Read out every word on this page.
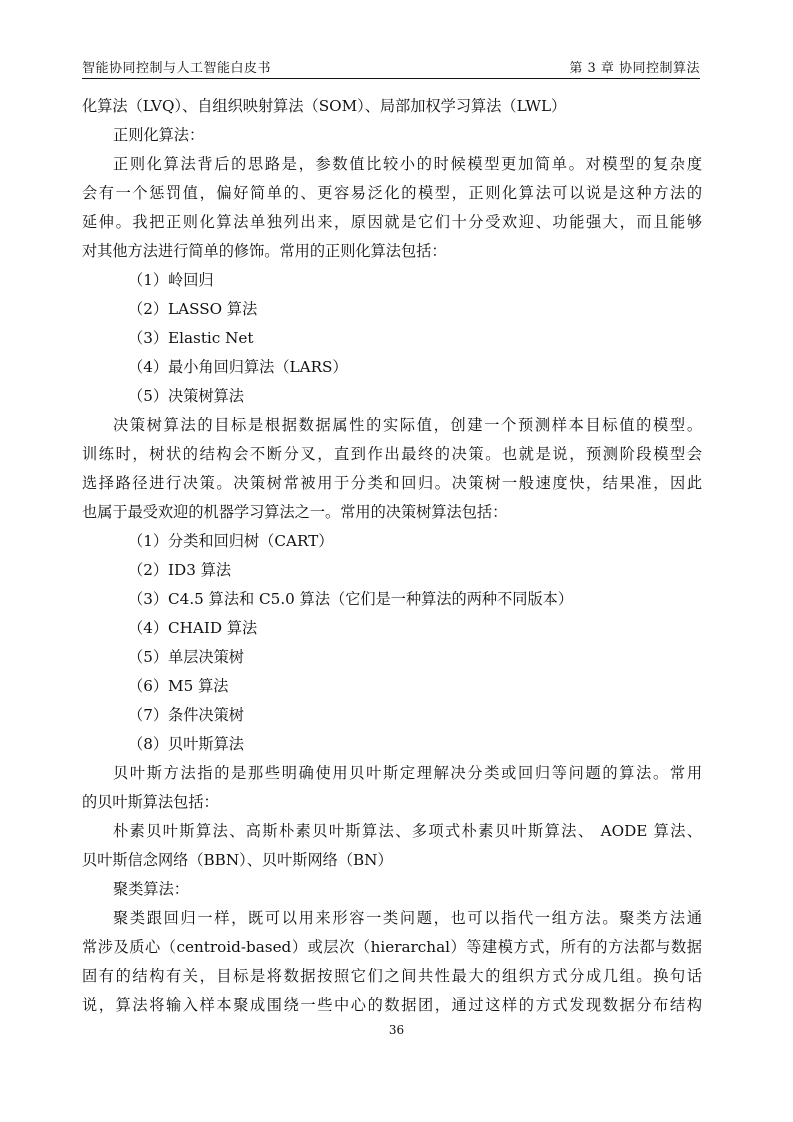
智能协同控制与人工智能白皮书	第 3 章 协同控制算法
化算法（LVQ）、自组织映射算法（SOM）、局部加权学习算法（LWL）
正则化算法：
正则化算法背后的思路是，参数值比较小的时候模型更加简单。对模型的复杂度
会有一个惩罚值，偏好简单的、更容易泛化的模型，正则化算法可以说是这种方法的
延伸。我把正则化算法单独列出来，原因就是它们十分受欢迎、功能强大，而且能够
对其他方法进行简单的修饰。常用的正则化算法包括：
（1）岭回归
（2）LASSO 算法
（3）Elastic Net
（4）最小角回归算法（LARS）
（5）决策树算法
决策树算法的目标是根据数据属性的实际值，创建一个预测样本目标值的模型。
训练时，树状的结构会不断分叉，直到作出最终的决策。也就是说，预测阶段模型会
选择路径进行决策。决策树常被用于分类和回归。决策树一般速度快，结果准，因此
也属于最受欢迎的机器学习算法之一。常用的决策树算法包括：
（1）分类和回归树（CART）
（2）ID3 算法
（3）C4.5 算法和 C5.0 算法（它们是一种算法的两种不同版本）
（4）CHAID 算法
（5）单层决策树
（6）M5 算法
（7）条件决策树
（8）贝叶斯算法
贝叶斯方法指的是那些明确使用贝叶斯定理解决分类或回归等问题的算法。常用
的贝叶斯算法包括：
朴素贝叶斯算法、高斯朴素贝叶斯算法、多项式朴素贝叶斯算法、 AODE 算法、
贝叶斯信念网络（BBN）、贝叶斯网络（BN）
聚类算法：
聚类跟回归一样，既可以用来形容一类问题，也可以指代一组方法。聚类方法通
常涉及质心（centroid-based）或层次（hierarchal）等建模方式，所有的方法都与数据
固有的结构有关，目标是将数据按照它们之间共性最大的组织方式分成几组。换句话
说，算法将输入样本聚成围绕一些中心的数据团，通过这样的方式发现数据分布结构
36
